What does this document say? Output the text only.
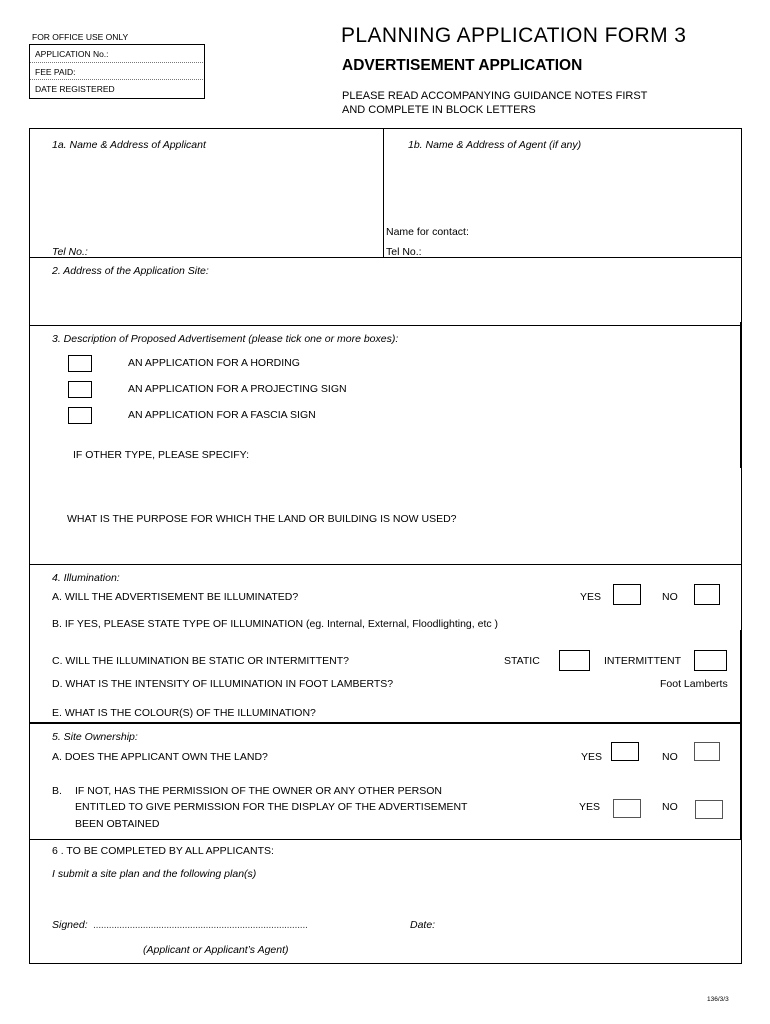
FOR OFFICE USE ONLY
APPLICATION No.:
FEE PAID:
DATE REGISTERED
PLANNING APPLICATION FORM 3
ADVERTISEMENT APPLICATION
PLEASE READ ACCOMPANYING GUIDANCE NOTES FIRST
AND COMPLETE IN BLOCK LETTERS
1a. Name & Address of Applicant	1b. Name & Address of Agent (if any)
Name for contact:
Tel No.:	Tel No.:
2. Address of the Application Site:
3. Description of Proposed Advertisement (please tick one or more boxes):
AN APPLICATION FOR A HORDING
AN APPLICATION FOR A PROJECTING SIGN
AN APPLICATION FOR A FASCIA SIGN
IF OTHER TYPE, PLEASE SPECIFY:
WHAT IS THE PURPOSE FOR WHICH THE LAND OR BUILDING IS NOW USED?
4. Illumination:
A. WILL THE ADVERTISEMENT BE ILLUMINATED?	YES	NO
B. IF YES, PLEASE STATE TYPE OF ILLUMINATION (eg. Internal, External, Floodlighting, etc )
C. WILL THE ILLUMINATION BE STATIC OR INTERMITTENT?	STATIC	INTERMITTENT
D. WHAT IS THE INTENSITY OF ILLUMINATION IN FOOT LAMBERTS?	Foot Lamberts
E. WHAT IS THE COLOUR(S) OF THE ILLUMINATION?
5. Site Ownership:
A. DOES THE APPLICANT OWN THE LAND?	YES	NO
B. IF NOT, HAS THE PERMISSION OF THE OWNER OR ANY OTHER PERSON
ENTITLED TO GIVE PERMISSION FOR THE DISPLAY OF THE ADVERTISEMENT
BEEN OBTAINED
YES	NO
6 . TO BE COMPLETED BY ALL APPLICANTS:
I submit a site plan and the following plan(s)
Signed: ..................................................................................	Date:
(Applicant or Applicant’s Agent)
136/3/3
